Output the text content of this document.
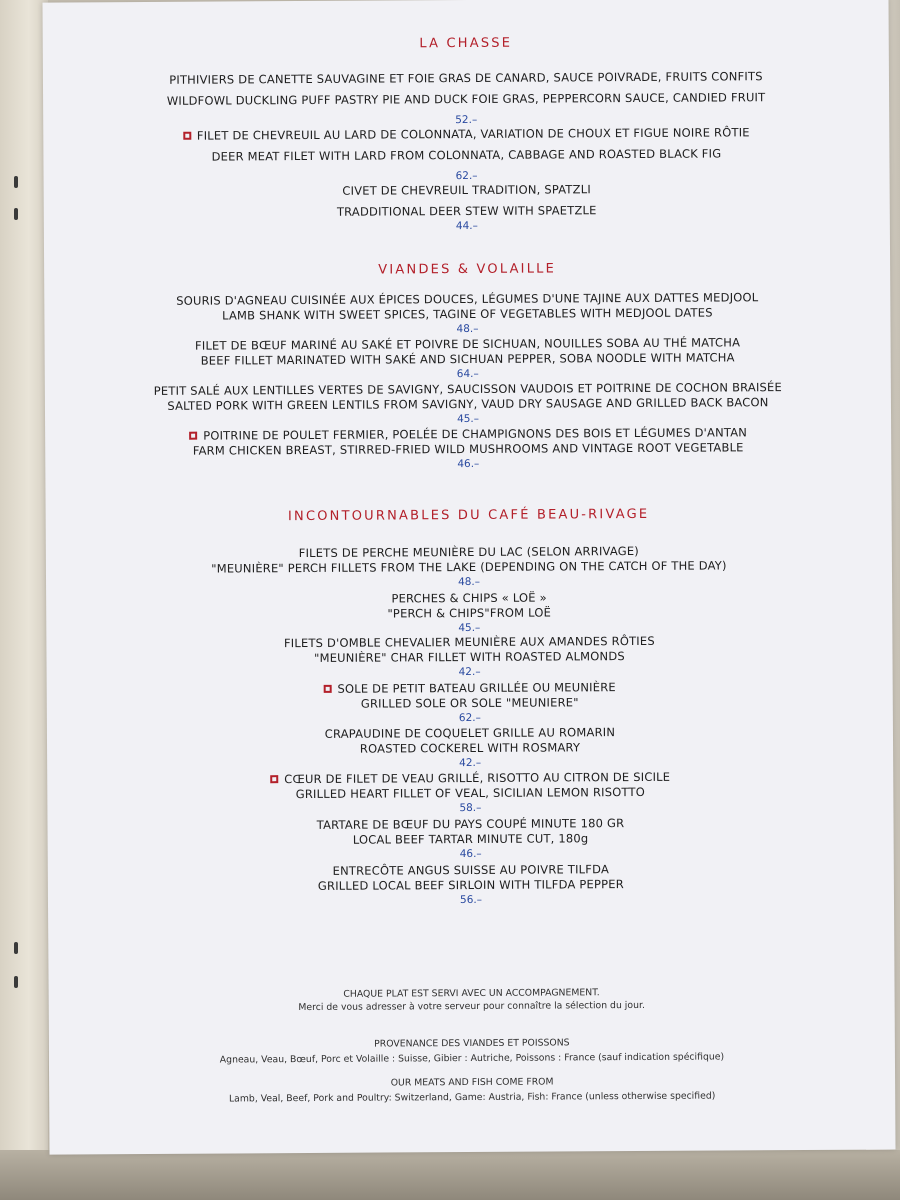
LA CHASSE
PITHIVIERS DE CANETTE SAUVAGINE ET FOIE GRAS DE CANARD, SAUCE POIVRADE, FRUITS CONFITS
WILDFOWL DUCKLING PUFF PASTRY PIE AND DUCK FOIE GRAS, PEPPERCORN SAUCE, CANDIED FRUIT
52.–
FILET DE CHEVREUIL AU LARD DE COLONNATA, VARIATION DE CHOUX ET FIGUE NOIRE RÔTIE
DEER MEAT FILET WITH LARD FROM COLONNATA, CABBAGE AND ROASTED BLACK FIG
62.–
CIVET DE CHEVREUIL TRADITION, SPATZLI
TRADDITIONAL DEER STEW WITH SPAETZLE
44.–
VIANDES & VOLAILLE
SOURIS D'AGNEAU CUISINÉE AUX ÉPICES DOUCES, LÉGUMES D'UNE TAJINE AUX DATTES MEDJOOL
LAMB SHANK WITH SWEET SPICES, TAGINE OF VEGETABLES WITH MEDJOOL DATES
48.–
FILET DE BŒUF MARINÉ AU SAKÉ ET POIVRE DE SICHUAN, NOUILLES SOBA AU THÉ MATCHA
BEEF FILLET MARINATED WITH SAKÉ AND SICHUAN PEPPER, SOBA NOODLE WITH MATCHA
64.–
PETIT SALÉ AUX LENTILLES VERTES DE SAVIGNY, SAUCISSON VAUDOIS ET POITRINE DE COCHON BRAISÉE
SALTED PORK WITH GREEN LENTILS FROM SAVIGNY, VAUD DRY SAUSAGE AND GRILLED BACK BACON
45.–
POITRINE DE POULET FERMIER, POELÉE DE CHAMPIGNONS DES BOIS ET LÉGUMES D'ANTAN
FARM CHICKEN BREAST, STIRRED-FRIED WILD MUSHROOMS AND VINTAGE ROOT VEGETABLE
46.–
INCONTOURNABLES DU CAFÉ BEAU-RIVAGE
FILETS DE PERCHE MEUNIÈRE DU LAC (SELON ARRIVAGE)
"MEUNIÈRE" PERCH FILLETS FROM THE LAKE (DEPENDING ON THE CATCH OF THE DAY)
48.–
PERCHES & CHIPS « LOË »
"PERCH & CHIPS"FROM LOË
45.–
FILETS D'OMBLE CHEVALIER MEUNIÈRE AUX AMANDES RÔTIES
"MEUNIÈRE" CHAR FILLET WITH ROASTED ALMONDS
42.–
SOLE DE PETIT BATEAU GRILLÉE OU MEUNIÈRE
GRILLED SOLE OR SOLE "MEUNIERE"
62.–
CRAPAUDINE DE COQUELET GRILLE AU ROMARIN
ROASTED COCKEREL WITH ROSMARY
42.–
CŒUR DE FILET DE VEAU GRILLÉ, RISOTTO AU CITRON DE SICILE
GRILLED HEART FILLET OF VEAL, SICILIAN LEMON RISOTTO
58.–
TARTARE DE BŒUF DU PAYS COUPÉ MINUTE 180 GR
LOCAL BEEF TARTAR MINUTE CUT, 180g
46.–
ENTRECÔTE ANGUS SUISSE AU POIVRE TILFDA
GRILLED LOCAL BEEF SIRLOIN WITH TILFDA PEPPER
56.–
CHAQUE PLAT EST SERVI AVEC UN ACCOMPAGNEMENT.
Merci de vous adresser à votre serveur pour connaître la sélection du jour.
PROVENANCE DES VIANDES ET POISSONS
Agneau, Veau, Bœuf, Porc et Volaille : Suisse, Gibier : Autriche, Poissons : France (sauf indication spécifique)
OUR MEATS AND FISH COME FROM
Lamb, Veal, Beef, Pork and Poultry: Switzerland, Game: Austria, Fish: France (unless otherwise specified)
